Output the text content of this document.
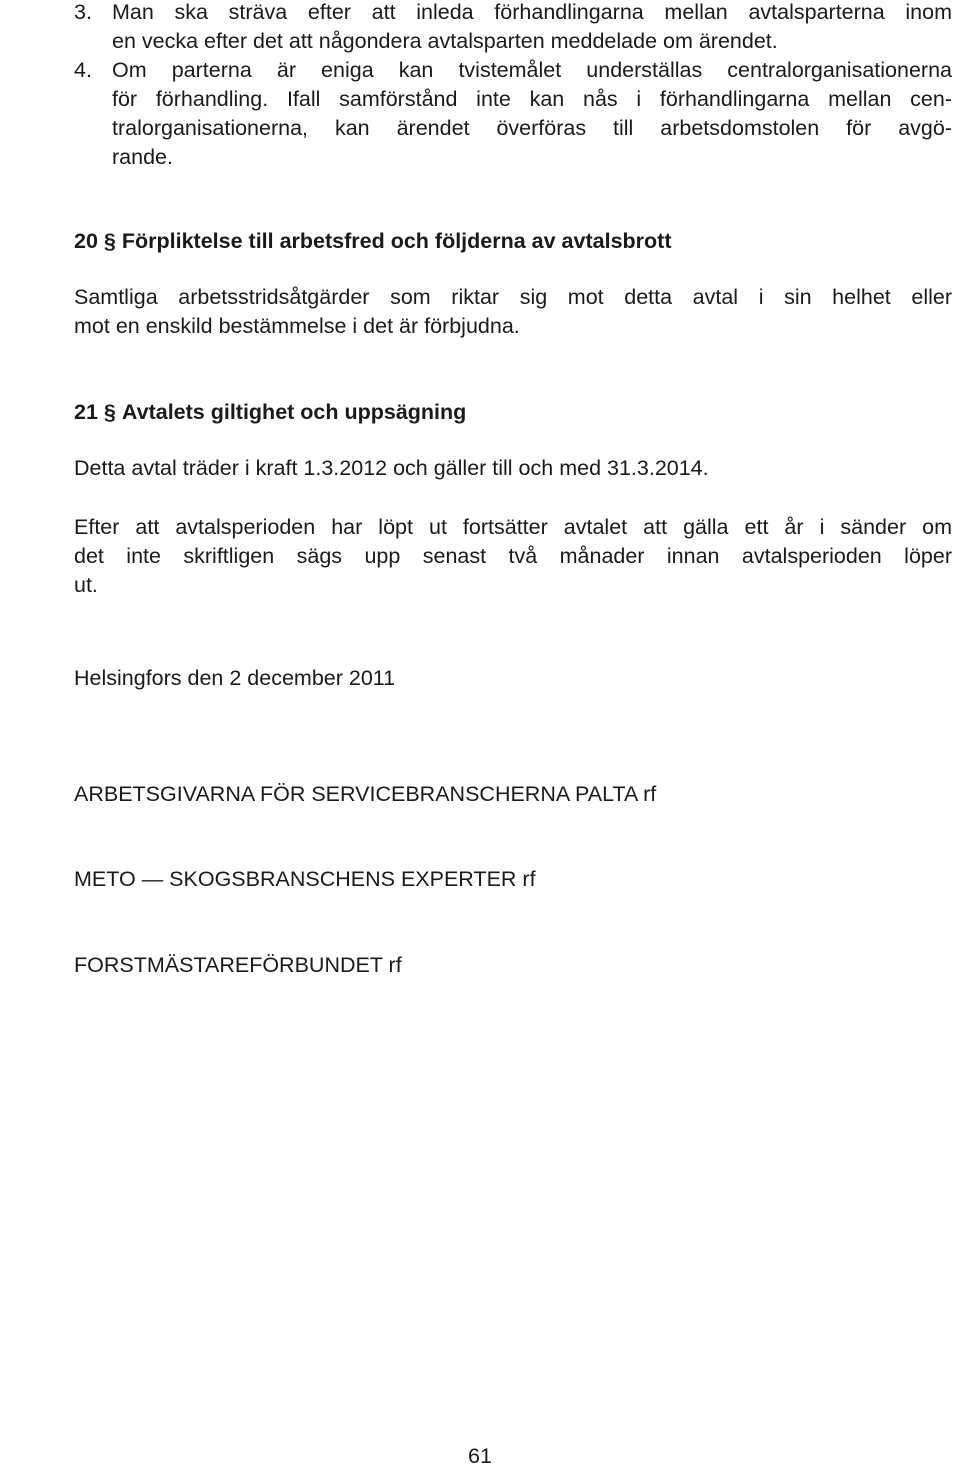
3. Man ska sträva efter att inleda förhandlingarna mellan avtalsparterna inom
en vecka efter det att någondera avtalsparten meddelade om ärendet.
4. Om parterna är eniga kan tvistemålet underställas centralorganisationerna
för förhandling. Ifall samförstånd inte kan nås i förhandlingarna mellan cen-
tralorganisationerna, kan ärendet överföras till arbetsdomstolen för avgö-
rande.
20 § Förpliktelse till arbetsfred och följderna av avtalsbrott
Samtliga arbetsstridsåtgärder som riktar sig mot detta avtal i sin helhet eller
mot en enskild bestämmelse i det är förbjudna.
21 § Avtalets giltighet och uppsägning
Detta avtal träder i kraft 1.3.2012 och gäller till och med 31.3.2014.
Efter att avtalsperioden har löpt ut fortsätter avtalet att gälla ett år i sänder om
det inte skriftligen sägs upp senast två månader innan avtalsperioden löper
ut.
Helsingfors den 2 december 2011
ARBETSGIVARNA FÖR SERVICEBRANSCHERNA PALTA rf
METO — SKOGSBRANSCHENS EXPERTER rf
FORSTMÄSTAREFÖRBUNDET rf
61
